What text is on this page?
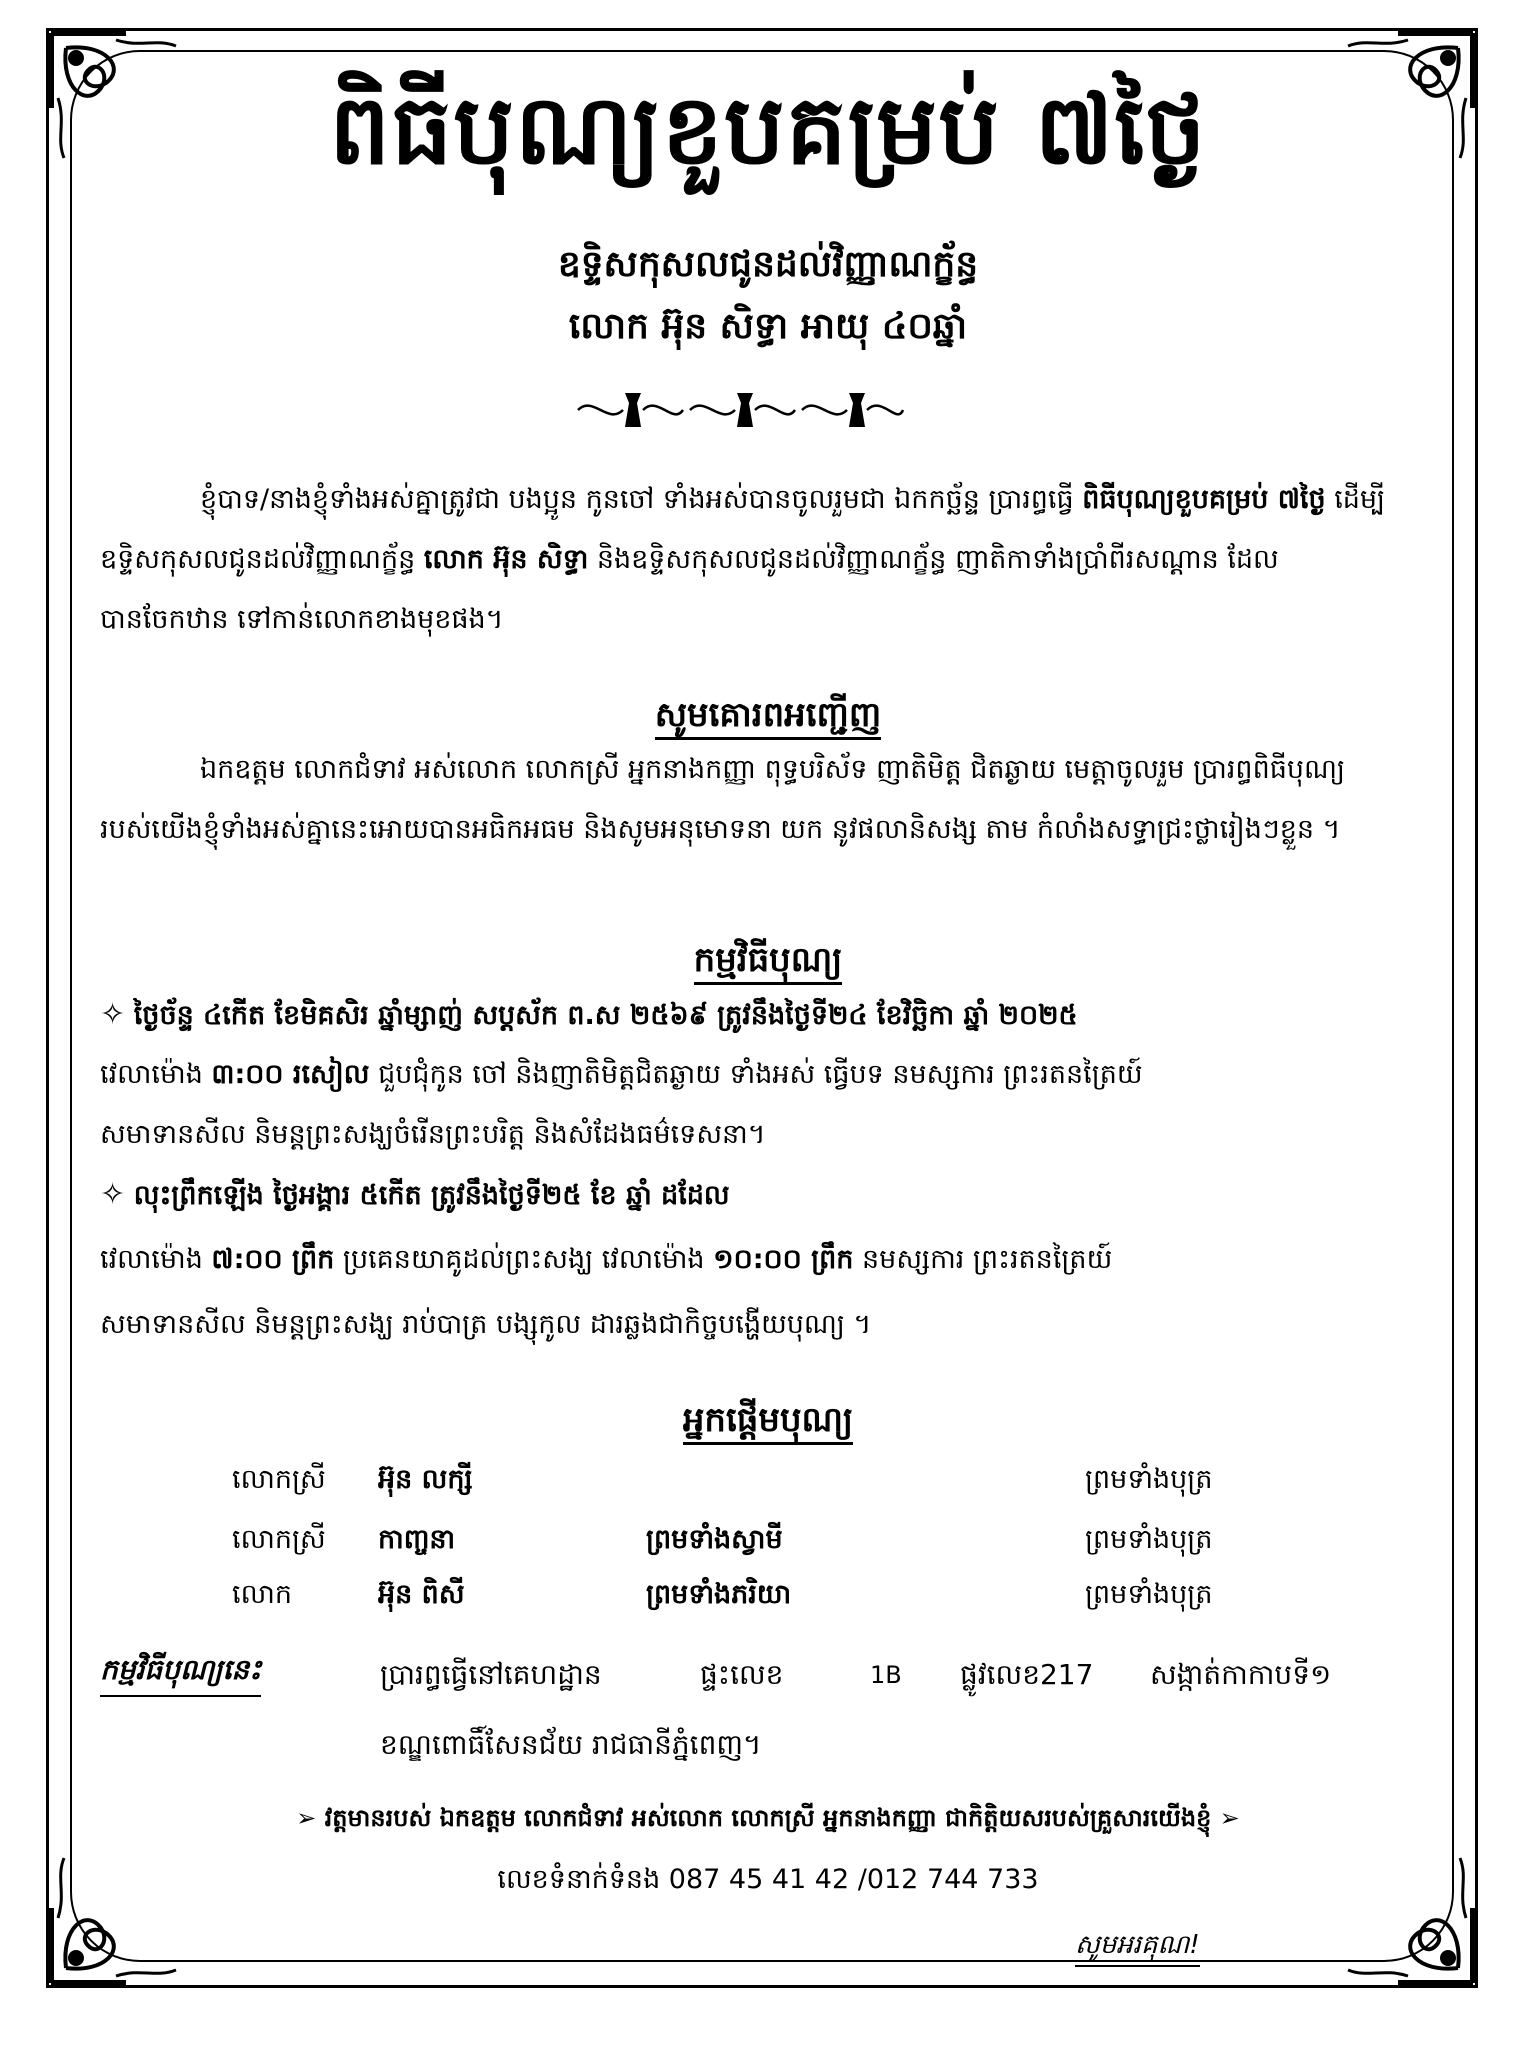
ពិធីបុណ្យខួបគម្រប់ ៧ថ្ងៃ
ឧទ្ទិសកុសលជូនដល់វិញ្ញាណក្ខ័ន្ធ
លោក អ៊ុន សិទ្ធា អាយុ ៤០ឆ្នាំ
ខ្ញុំបាទ/នាងខ្ញុំទាំងអស់គ្នាត្រូវជា បងប្អូន កូនចៅ ទាំងអស់បានចូលរួមជា ឯកកច្ឆ័ន្ទ ប្រារព្ធធ្វើ ពិធីបុណ្យខួបគម្រប់ ៧ថ្ងៃ ដើម្បីឧទ្ទិសកុសលជូនដល់វិញ្ញាណក្ខ័ន្ធ លោក អ៊ុន សិទ្ធា និងឧទ្ទិសកុសលជូនដល់វិញ្ញាណក្ខ័ន្ធ ញាតិកាទាំងប្រាំពីរសណ្តាន ដែលបានចែកឋាន ទៅកាន់លោកខាងមុខផង។
សូមគោរពអញ្ជើញ
ឯកឧត្តម លោកជំទាវ អស់លោក លោកស្រី អ្នកនាងកញ្ញា ពុទ្ធបរិស័ទ ញាតិមិត្ត ជិតឆ្ងាយ មេត្តាចូលរួម ប្រារព្ធពិធីបុណ្យ របស់យើងខ្ញុំទាំងអស់គ្នានេះអោយបានអធិកអធម និងសូមអនុមោទនា យក នូវផលានិសង្ស តាម កំលាំងសទ្ធាជ្រះថ្លារៀងៗខ្លួន ។
កម្មវិធីបុណ្យ
✧ ថ្ងៃច័ន្ទ ៤កើត ខែមិគសិរ ឆ្នាំម្សាញ់ សប្តស័ក ព.ស ២៥៦៩ ត្រូវនឹងថ្ងៃទី២៤ ខែវិច្ឆិកា ឆ្នាំ ២០២៥
វេលាម៉ោង ៣:០០ រសៀល ជួបជុំកូន ចៅ និងញាតិមិត្តជិតឆ្ងាយ ទាំងអស់ ធ្វើបទ នមស្សការ ព្រះរតនត្រៃយ៍
សមាទានសីល និមន្តព្រះសង្ឃចំរើនព្រះបរិត្ត និងសំដែងធម៌ទេសនា។
✧ លុះព្រឹកឡើង ថ្ងៃអង្គារ ៥កើត ត្រូវនឹងថ្ងៃទី២៥ ខែ ឆ្នាំ ដដែល
វេលាម៉ោង ៧:០០ ព្រឹក ប្រគេនយាគូដល់ព្រះសង្ឃ វេលាម៉ោង ១០:០០ ព្រឹក នមស្សការ ព្រះរតនត្រៃយ៍
សមាទានសីល និមន្តព្រះសង្ឃ រាប់បាត្រ បង្សុកូល ដារឆ្លងជាកិច្ចបង្ហើយបុណ្យ ។
អ្នកផ្តើមបុណ្យ
លោកស្រី អ៊ុន លក្សី	ព្រមទាំងបុត្រ
លោកស្រី កាញ្ចនា	ព្រមទាំងស្វាមី	ព្រមទាំងបុត្រ
លោក	អ៊ុន ពិសី	ព្រមទាំងភរិយា	ព្រមទាំងបុត្រ
កម្មវិធីបុណ្យនេះ	ប្រារព្ធធ្វើនៅគេហដ្ឋាន	ផ្ទះលេខ	1B ផ្លូវលេខ217 សង្កាត់កាកាបទី១
ខណ្ឌពោធិ៍សែនជ័យ រាជធានីភ្នំពេញ។
➢ វត្តមានរបស់ ឯកឧត្តម លោកជំទាវ អស់លោក លោកស្រី អ្នកនាងកញ្ញា ជាកិត្តិយសរបស់គ្រួសារយើងខ្ញុំ ➢
លេខទំនាក់ទំនង 087 45 41 42 /012 744 733
សូមអរគុណ!
